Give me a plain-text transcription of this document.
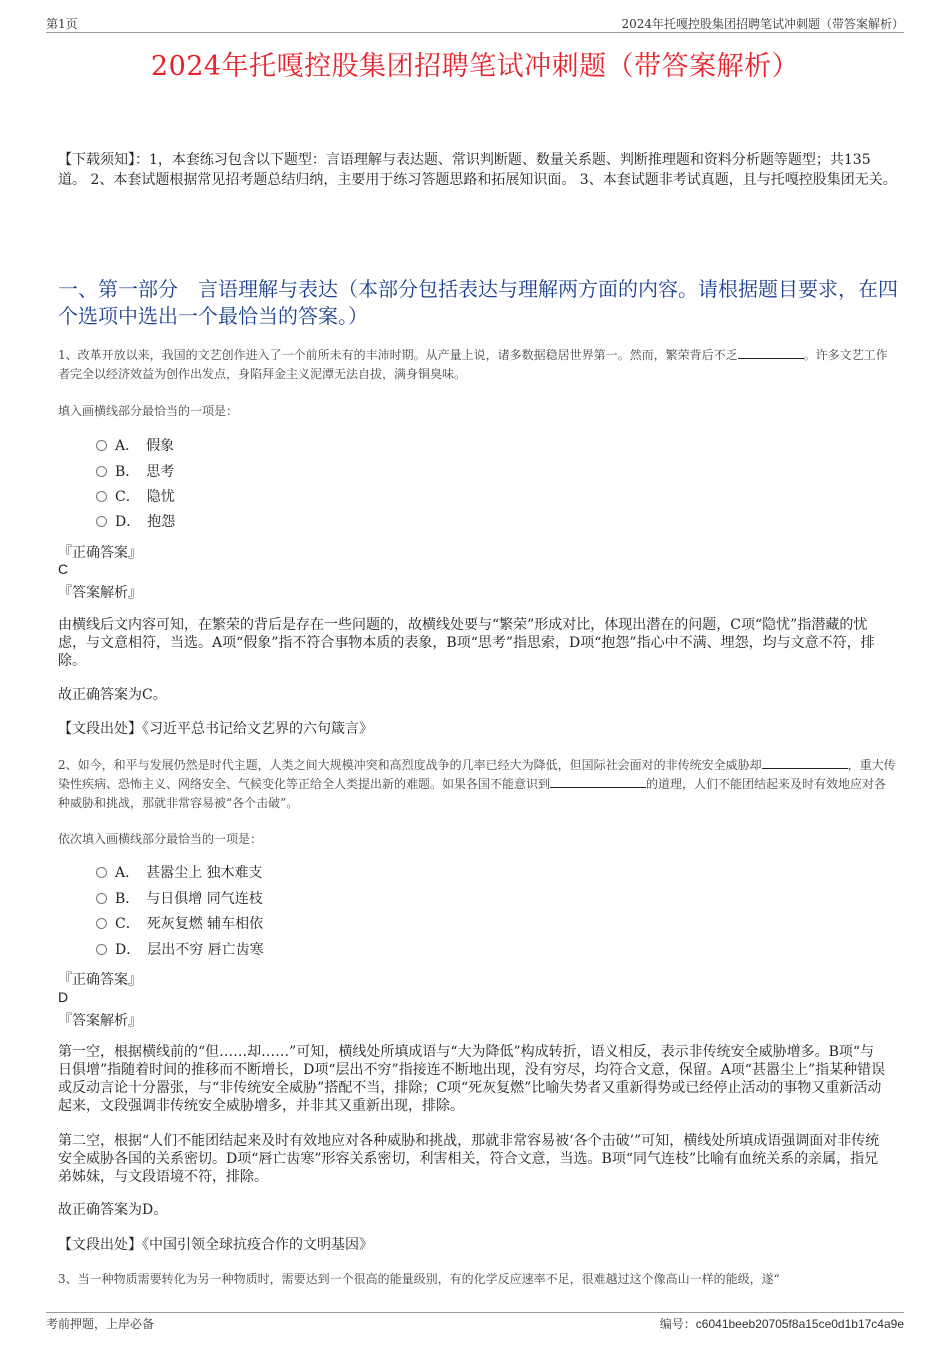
第1页	2024年托嘎控股集团招聘笔试冲刺题（带答案解析）
2024年托嘎控股集团招聘笔试冲刺题（带答案解析）
【下载须知】：1，本套练习包含以下题型：言语理解与表达题、常识判断题、数量关系题、判断推理题和资料分析题等题型；共135道。 2、本套试题根据常见招考题总结归纳，主要用于练习答题思路和拓展知识面。 3、本套试题非考试真题，且与托嘎控股集团无关。
一、第一部分　言语理解与表达（本部分包括表达与理解两方面的内容。请根据题目要求，在四个选项中选出一个最恰当的答案。）
1、改革开放以来，我国的文艺创作进入了一个前所未有的丰沛时期。从产量上说，诸多数据稳居世界第一。然而，繁荣背后不乏	。许多文艺工作者完全以经济效益为创作出发点，身陷拜金主义泥潭无法自拔，满身铜臭味。
填入画横线部分最恰当的一项是：
A．　假象
B．　思考
C．　隐忧
D．　抱怨
『正确答案』
C
『答案解析』
由横线后文内容可知，在繁荣的背后是存在一些问题的，故横线处要与“繁荣”形成对比，体现出潜在的问题，C项“隐忧”指潜藏的忧虑，与文意相符，当选。A项“假象”指不符合事物本质的表象，B项“思考”指思索，D项“抱怨”指心中不满、埋怨，均与文意不符，排除。
故正确答案为C。
【文段出处】《习近平总书记给文艺界的六句箴言》
2、如今，和平与发展仍然是时代主题，人类之间大规模冲突和高烈度战争的几率已经大为降低，但国际社会面对的非传统安全威胁却	，重大传染性疾病、恐怖主义、网络安全、气候变化等正给全人类提出新的难题。如果各国不能意识到	的道理，人们不能团结起来及时有效地应对各种威胁和挑战，那就非常容易被“各个击破”。
依次填入画横线部分最恰当的一项是：
A．　甚嚣尘上 独木难支
B．　与日俱增 同气连枝
C．　死灰复燃 辅车相依
D．　层出不穷 唇亡齿寒
『正确答案』
D
『答案解析』
第一空，根据横线前的“但……却……”可知，横线处所填成语与“大为降低”构成转折，语义相反，表示非传统安全威胁增多。B项“与日俱增”指随着时间的推移而不断增长，D项“层出不穷”指接连不断地出现，没有穷尽，均符合文意，保留。A项“甚嚣尘上”指某种错误或反动言论十分嚣张，与“非传统安全威胁”搭配不当，排除；C项“死灰复燃”比喻失势者又重新得势或已经停止活动的事物又重新活动起来，文段强调非传统安全威胁增多，并非其又重新出现，排除。
第二空，根据“人们不能团结起来及时有效地应对各种威胁和挑战，那就非常容易被‘各个击破’”可知，横线处所填成语强调面对非传统安全威胁各国的关系密切。D项“唇亡齿寒”形容关系密切，利害相关，符合文意，当选。B项“同气连枝”比喻有血统关系的亲属，指兄弟姊妹，与文段语境不符，排除。
故正确答案为D。
【文段出处】《中国引领全球抗疫合作的文明基因》
3、当一种物质需要转化为另一种物质时，需要达到一个很高的能量级别，有的化学反应速率不足，很难越过这个像高山一样的能级，遂“
考前押题，上岸必备	编号：c6041beeb20705f8a15ce0d1b17c4a9e
